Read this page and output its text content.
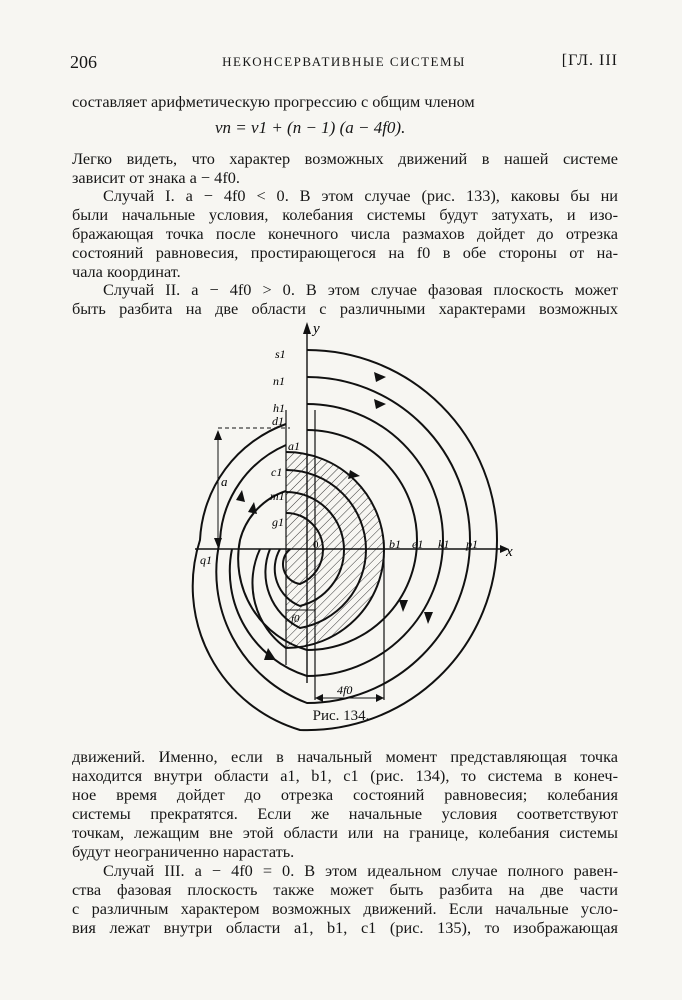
206	НЕКОНСЕРВАТИВНЫЕ СИСТЕМЫ	[ГЛ. III
составляет арифметическую прогрессию с общим членом
vn = v1 + (n − 1) (a − 4f0).
Легко видеть, что характер возможных движений в нашей системе
зависит от знака a − 4f0.
Случай I. a − 4f0 < 0. В этом случае (рис. 133), каковы бы ни
были начальные условия, колебания системы будут затухать, и изо-
бражающая точка после конечного числа размахов дойдет до отрезка
состояний равновесия, простирающегося на f0 в обе стороны от на-
чала координат.
Случай II. a − 4f0 > 0. В этом случае фазовая плоскость может
быть разбита на две области с различными характерами возможных
y
x
0
s1
n1
h1
d1
a1
c1
m1
g1
q1
b1 e1 k1 p1
a
f0
4f0
Рис. 134.
движений. Именно, если в начальный момент представляющая точка
находится внутри области a1, b1, c1 (рис. 134), то система в конеч-
ное время дойдет до отрезка состояний равновесия; колебания
системы прекратятся. Если же начальные условия соответствуют
точкам, лежащим вне этой области или на границе, колебания системы
будут неограниченно нарастать.
Случай III. a − 4f0 = 0. В этом идеальном случае полного равен-
ства фазовая плоскость также может быть разбита на две части
с различным характером возможных движений. Если начальные усло-
вия лежат внутри области a1, b1, c1 (рис. 135), то изображающая
